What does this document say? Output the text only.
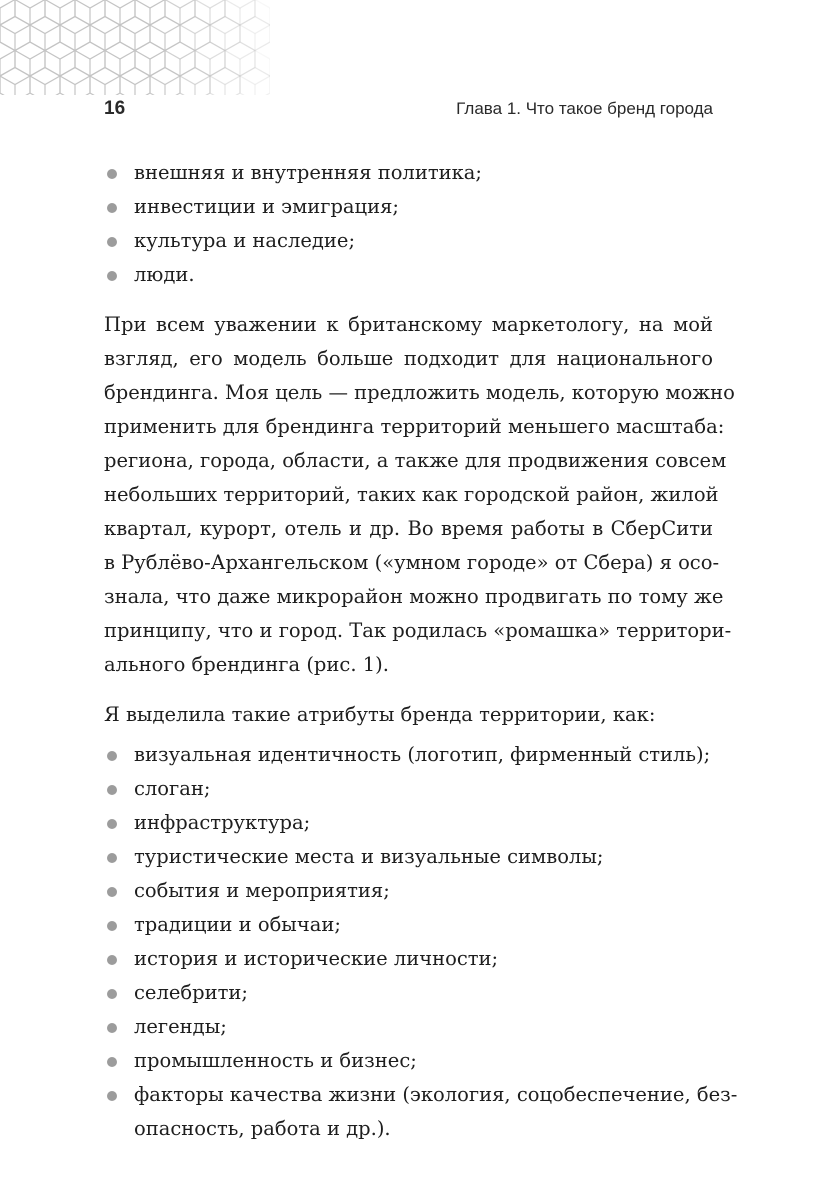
16	Глава 1. Что такое бренд города
внешняя и внутренняя политика;
инвестиции и эмиграция;
культура и наследие;
люди.

При всем уважении к британскому маркетологу, на мой
взгляд, его модель больше подходит для национального
брендинга. Моя цель — предложить модель, которую можно
применить для брендинга территорий меньшего масштаба:
региона, города, области, а также для продвижения совсем
небольших территорий, таких как городской район, жилой
квартал, курорт, отель и др. Во время работы в СберСити
в Рублёво-Архангельском («умном городе» от Сбера) я осо-
знала, что даже микрорайон можно продвигать по тому же
принципу, что и город. Так родилась «ромашка» территори-
ального брендинга (рис. 1).

Я выделила такие атрибуты бренда территории, как:

визуальная идентичность (логотип, фирменный стиль);
слоган;
инфраструктура;
туристические места и визуальные символы;
события и мероприятия;
традиции и обычаи;
история и исторические личности;
селебрити;
легенды;
промышленность и бизнес;
факторы качества жизни (экология, соцобеспечение, без-
опасность, работа и др.).
